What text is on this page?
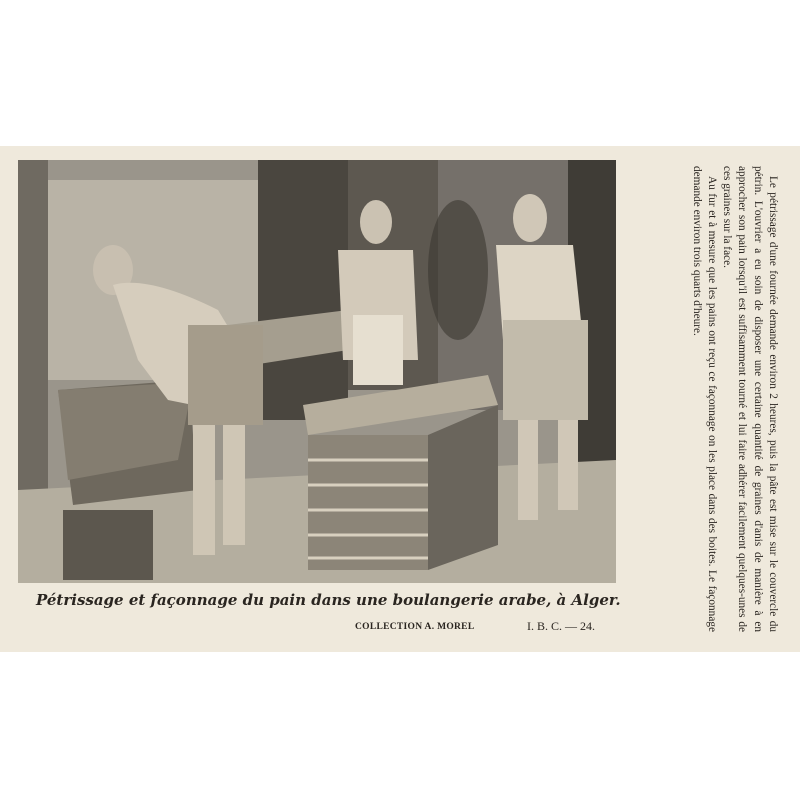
Pétrissage et façonnage du pain dans une boulangerie arabe, à Alger.
COLLECTION A. MOREL	I. B. C. — 24.	Le pétrissage d'une fournée demande environ 2 heures, puis la pâte est mise sur le couvercle du pétrin. L'ouvrier a eu soin de disposer une certaine quantité de graines d'anis de manière à en approcher son pain lorsqu'il est suffisamment tourné et lui faire adhérer facilement quelques-unes de ces graines sur la face.

Au fur et à mesure que les pains ont reçu ce façonnage on les place dans des boites. Le façonnage demande environ trois quarts d'heure.
